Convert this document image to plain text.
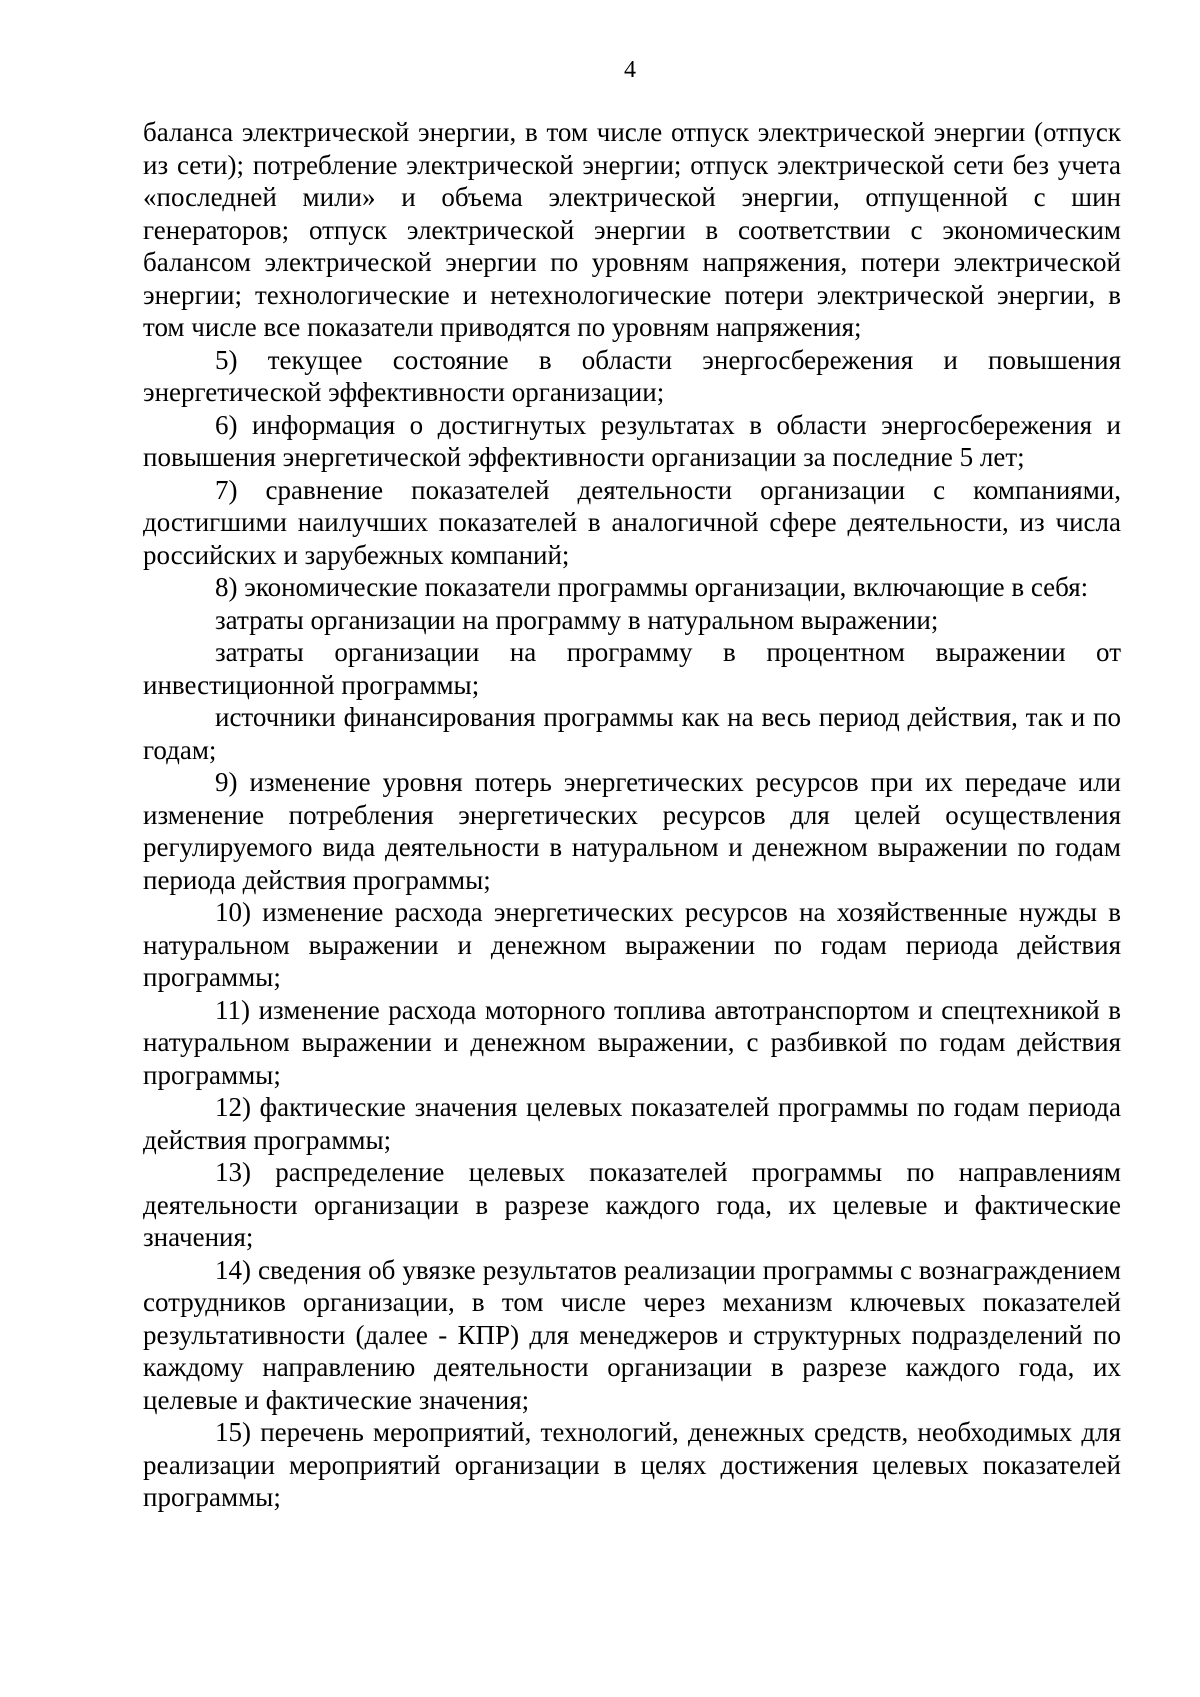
4

баланса электрической энергии, в том числе отпуск электрической энергии (отпуск из сети); потребление электрической энергии; отпуск электрической сети без учета «последней мили» и объема электрической энергии, отпущенной с шин генераторов; отпуск электрической энергии в соответствии с экономическим балансом электрической энергии по уровням напряжения, потери электрической энергии; технологические и нетехнологические потери электрической энергии, в том числе все показатели приводятся по уровням напряжения;

5) текущее состояние в области энергосбережения и повышения энергетической эффективности организации;

6) информация о достигнутых результатах в области энергосбережения и повышения энергетической эффективности организации за последние 5 лет;

7) сравнение показателей деятельности организации с компаниями, достигшими наилучших показателей в аналогичной сфере деятельности, из числа российских и зарубежных компаний;

8) экономические показатели программы организации, включающие в себя:

затраты организации на программу в натуральном выражении;

затраты организации на программу в процентном выражении от инвестиционной программы;

источники финансирования программы как на весь период действия, так и по годам;

9) изменение уровня потерь энергетических ресурсов при их передаче или изменение потребления энергетических ресурсов для целей осуществления регулируемого вида деятельности в натуральном и денежном выражении по годам периода действия программы;

10) изменение расхода энергетических ресурсов на хозяйственные нужды в натуральном выражении и денежном выражении по годам периода действия программы;

11) изменение расхода моторного топлива автотранспортом и спецтехникой в натуральном выражении и денежном выражении, с разбивкой по годам действия программы;

12) фактические значения целевых показателей программы по годам периода действия программы;

13) распределение целевых показателей программы по направлениям деятельности организации в разрезе каждого года, их целевые и фактические значения;

14) сведения об увязке результатов реализации программы с вознаграждением сотрудников организации, в том числе через механизм ключевых показателей результативности (далее - КПР) для менеджеров и структурных подразделений по каждому направлению деятельности организации в разрезе каждого года, их целевые и фактические значения;

15) перечень мероприятий, технологий, денежных средств, необходимых для реализации мероприятий организации в целях достижения целевых показателей программы;
